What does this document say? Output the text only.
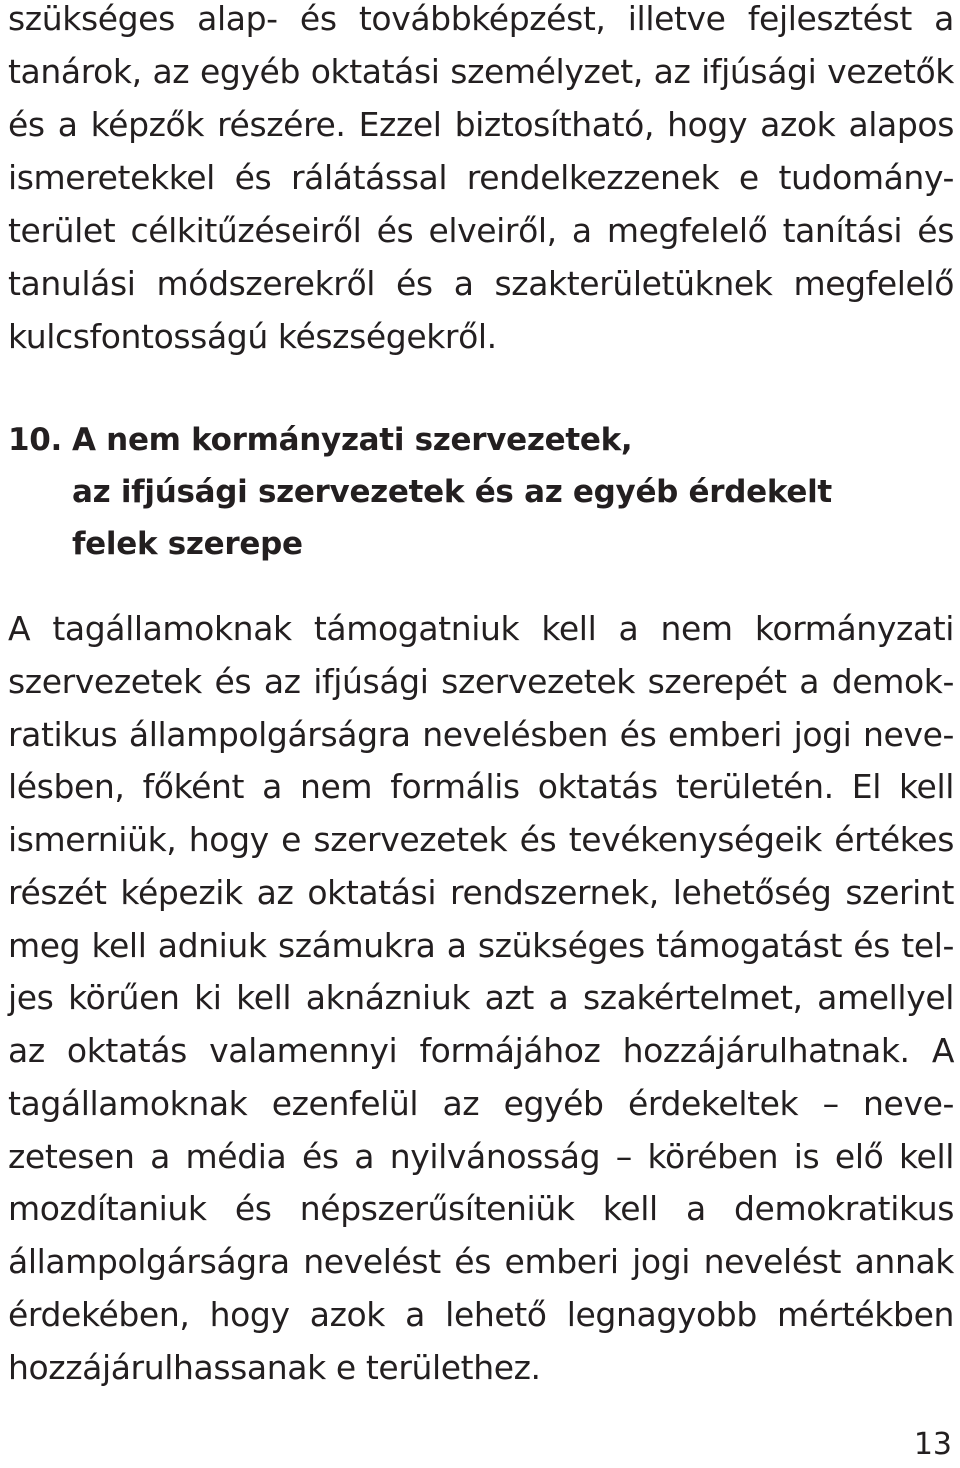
szükséges alap- és továbbképzést, illetve fejlesztést a
tanárok, az egyéb oktatási személyzet, az ifjúsági vezetők
és a képzők részére. Ezzel biztosítható, hogy azok alapos
ismeretekkel és rálátással rendelkezzenek e tudomány-
terület célkitűzéseiről és elveiről, a megfelelő tanítási és
tanulási módszerekről és a szakterületüknek megfelelő
kulcsfontosságú készségekről.
10. A nem kormányzati szervezetek,
az ifjúsági szervezetek és az egyéb érdekelt
felek szerepe
A tagállamoknak támogatniuk kell a nem kormányzati
szervezetek és az ifjúsági szervezetek szerepét a demok-
ratikus állampolgárságra nevelésben és emberi jogi neve-
lésben, főként a nem formális oktatás területén. El kell
ismerniük, hogy e szervezetek és tevékenységeik értékes
részét képezik az oktatási rendszernek, lehetőség szerint
meg kell adniuk számukra a szükséges támogatást és tel-
jes körűen ki kell aknázniuk azt a szakértelmet, amellyel
az oktatás valamennyi formájához hozzájárulhatnak. A
tagállamoknak ezenfelül az egyéb érdekeltek – neve-
zetesen a média és a nyilvánosság – körében is elő kell
mozdítaniuk és népszerűsíteniük kell a demokratikus
állampolgárságra nevelést és emberi jogi nevelést annak
érdekében, hogy azok a lehető legnagyobb mértékben
hozzájárulhassanak e területhez.
13
